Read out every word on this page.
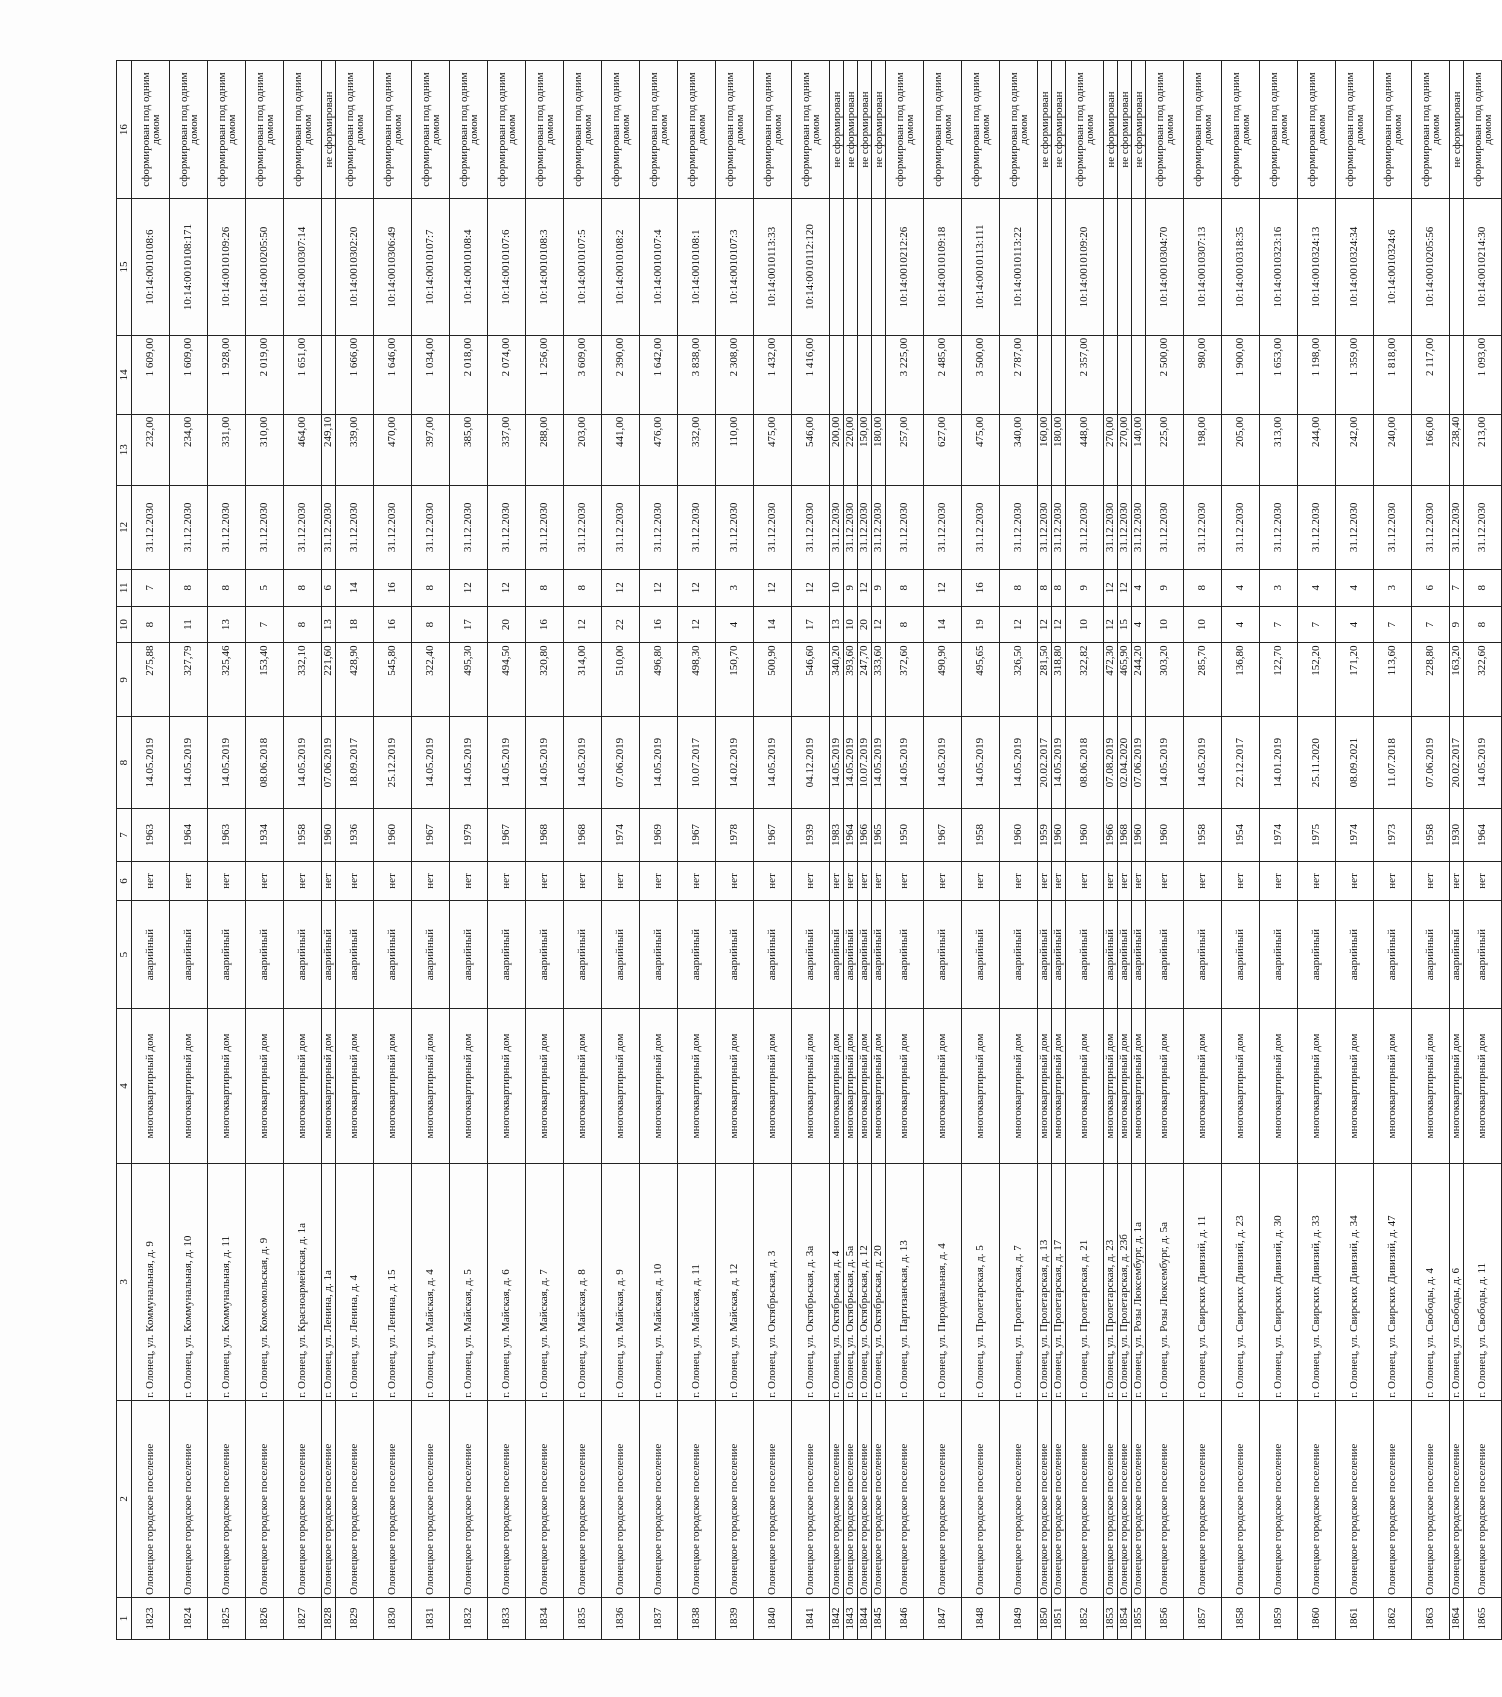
1	2	3	4	5	6	7	8	9	10	11	12	13	14	15	16
1823	Олонецкое городское поселение	г. Олонец, ул. Коммунальная, д. 9	многоквартирный дом	аварийный	нет	1963	14.05.2019	275,88	8	7	31.12.2030	232,00	1 609,00	10:14:0010108:6	сформирован под одним домом

1824	Олонецкое городское поселение	г. Олонец, ул. Коммунальная, д. 10	многоквартирный дом	аварийный	нет	1964	14.05.2019	327,79	11	8	31.12.2030	234,00	1 609,00	10:14:0010108:171	сформирован под одним домом

1825	Олонецкое городское поселение	г. Олонец, ул. Коммунальная, д. 11	многоквартирный дом	аварийный	нет	1963	14.05.2019	325,46	13	8	31.12.2030	331,00	1 928,00	10:14:0010109:26	сформирован под одним домом

1826	Олонецкое городское поселение	г. Олонец, ул. Комсомольская, д. 9	многоквартирный дом	аварийный	нет	1934	08.06.2018	153,40	7	5	31.12.2030	310,00	2 019,00	10:14:0010205:50	сформирован под одним домом

1827	Олонецкое городское поселение	г. Олонец, ул. Красноармейская, д. 1а	многоквартирный дом	аварийный	нет	1958	14.05.2019	332,10	8	8	31.12.2030	464,00	1 651,00	10:14:0010307:14	сформирован под одним домом

1828	Олонецкое городское поселение	г. Олонец, ул. Ленина, д. 1а	многоквартирный дом	аварийный	нет	1960	07.06.2019	221,60	13	6	31.12.2030	249,10			не сформирован

1829	Олонецкое городское поселение	г. Олонец, ул. Ленина, д. 4	многоквартирный дом	аварийный	нет	1936	18.09.2017	428,90	18	14	31.12.2030	339,00	1 666,00	10:14:0010302:20	сформирован под одним домом

1830	Олонецкое городское поселение	г. Олонец, ул. Ленина, д. 15	многоквартирный дом	аварийный	нет	1960	25.12.2019	545,80	16	16	31.12.2030	470,00	1 646,00	10:14:0010306:49	сформирован под одним домом

1831	Олонецкое городское поселение	г. Олонец, ул. Майская, д. 4	многоквартирный дом	аварийный	нет	1967	14.05.2019	322,40	8	8	31.12.2030	397,00	1 034,00	10:14:0010107:7	сформирован под одним домом

1832	Олонецкое городское поселение	г. Олонец, ул. Майская, д. 5	многоквартирный дом	аварийный	нет	1979	14.05.2019	495,30	17	12	31.12.2030	385,00	2 018,00	10:14:0010108:4	сформирован под одним домом

1833	Олонецкое городское поселение	г. Олонец, ул. Майская, д. 6	многоквартирный дом	аварийный	нет	1967	14.05.2019	494,50	20	12	31.12.2030	337,00	2 074,00	10:14:0010107:6	сформирован под одним домом

1834	Олонецкое городское поселение	г. Олонец, ул. Майская, д. 7	многоквартирный дом	аварийный	нет	1968	14.05.2019	320,80	16	8	31.12.2030	288,00	1 256,00	10:14:0010108:3	сформирован под одним домом

1835	Олонецкое городское поселение	г. Олонец, ул. Майская, д. 8	многоквартирный дом	аварийный	нет	1968	14.05.2019	314,00	12	8	31.12.2030	203,00	3 609,00	10:14:0010107:5	сформирован под одним домом

1836	Олонецкое городское поселение	г. Олонец, ул. Майская, д. 9	многоквартирный дом	аварийный	нет	1974	07.06.2019	510,00	22	12	31.12.2030	441,00	2 390,00	10:14:0010108:2	сформирован под одним домом

1837	Олонецкое городское поселение	г. Олонец, ул. Майская, д. 10	многоквартирный дом	аварийный	нет	1969	14.05.2019	496,80	16	12	31.12.2030	476,00	1 642,00	10:14:0010107:4	сформирован под одним домом

1838	Олонецкое городское поселение	г. Олонец, ул. Майская, д. 11	многоквартирный дом	аварийный	нет	1967	10.07.2017	498,30	12	12	31.12.2030	332,00	3 838,00	10:14:0010108:1	сформирован под одним домом

1839	Олонецкое городское поселение	г. Олонец, ул. Майская, д. 12	многоквартирный дом	аварийный	нет	1978	14.02.2019	150,70	4	3	31.12.2030	110,00	2 308,00	10:14:0010107:3	сформирован под одним домом

1840	Олонецкое городское поселение	г. Олонец, ул. Октябрьская, д. 3	многоквартирный дом	аварийный	нет	1967	14.05.2019	500,90	14	12	31.12.2030	475,00	1 432,00	10:14:0010113:33	сформирован под одним домом

1841	Олонецкое городское поселение	г. Олонец, ул. Октябрьская, д. 3а	многоквартирный дом	аварийный	нет	1939	04.12.2019	546,60	17	12	31.12.2030	546,00	1 416,00	10:14:0010112:120	сформирован под одним домом

1842	Олонецкое городское поселение	г. Олонец, ул. Октябрьская, д. 4	многоквартирный дом	аварийный	нет	1983	14.05.2019	340,20	13	10	31.12.2030	200,00			не сформирован

1843	Олонецкое городское поселение	г. Олонец, ул. Октябрьская, д. 5а	многоквартирный дом	аварийный	нет	1964	14.05.2019	393,60	10	9	31.12.2030	220,00			не сформирован

1844	Олонецкое городское поселение	г. Олонец, ул. Октябрьская, д. 12	многоквартирный дом	аварийный	нет	1966	10.07.2019	247,70	20	12	31.12.2030	150,00			не сформирован

1845	Олонецкое городское поселение	г. Олонец, ул. Октябрьская, д. 20	многоквартирный дом	аварийный	нет	1965	14.05.2019	333,60	12	9	31.12.2030	180,00			не сформирован

1846	Олонецкое городское поселение	г. Олонец, ул. Партизанская, д. 13	многоквартирный дом	аварийный	нет	1950	14.05.2019	372,60	8	8	31.12.2030	257,00	3 225,00	10:14:0010212:26	сформирован под одним домом

1847	Олонецкое городское поселение	г. Олонец, ул. Пиродвальная, д. 4	многоквартирный дом	аварийный	нет	1967	14.05.2019	490,90	14	12	31.12.2030	627,00	2 485,00	10:14:0010109:18	сформирован под одним домом

1848	Олонецкое городское поселение	г. Олонец, ул. Пролетарская, д. 5	многоквартирный дом	аварийный	нет	1958	14.05.2019	495,65	19	16	31.12.2030	475,00	3 500,00	10:14:0010113:111	сформирован под одним домом

1849	Олонецкое городское поселение	г. Олонец, ул. Пролетарская, д. 7	многоквартирный дом	аварийный	нет	1960	14.05.2019	326,50	12	8	31.12.2030	340,00	2 787,00	10:14:0010113:22	сформирован под одним домом

1850	Олонецкое городское поселение	г. Олонец, ул. Пролетарская, д. 13	многоквартирный дом	аварийный	нет	1959	20.02.2017	281,50	12	8	31.12.2030	160,00			не сформирован

1851	Олонецкое городское поселение	г. Олонец, ул. Пролетарская, д. 17	многоквартирный дом	аварийный	нет	1960	14.05.2019	318,80	12	8	31.12.2030	180,00			не сформирован

1852	Олонецкое городское поселение	г. Олонец, ул. Пролетарская, д. 21	многоквартирный дом	аварийный	нет	1960	08.06.2018	322,82	10	9	31.12.2030	448,00	2 357,00	10:14:0010109:20	сформирован под одним домом

1853	Олонецкое городское поселение	г. Олонец, ул. Пролетарская, д. 23	многоквартирный дом	аварийный	нет	1966	07.08.2019	472,30	12	12	31.12.2030	270,00			не сформирован

1854	Олонецкое городское поселение	г. Олонец, ул. Пролетарская, д. 23б	многоквартирный дом	аварийный	нет	1968	02.04.2020	465,90	15	12	31.12.2030	270,00			не сформирован

1855	Олонецкое городское поселение	г. Олонец, ул. Розы Люксембург, д. 1а	многоквартирный дом	аварийный	нет	1960	07.06.2019	244,20	4	4	31.12.2030	140,00			не сформирован

1856	Олонецкое городское поселение	г. Олонец, ул. Розы Люксембург, д. 5а	многоквартирный дом	аварийный	нет	1960	14.05.2019	303,20	10	9	31.12.2030	225,00	2 500,00	10:14:0010304:70	сформирован под одним домом

1857	Олонецкое городское поселение	г. Олонец, ул. Свирских Дивизий, д. 11	многоквартирный дом	аварийный	нет	1958	14.05.2019	285,70	10	8	31.12.2030	198,00	980,00	10:14:0010307:13	сформирован под одним домом

1858	Олонецкое городское поселение	г. Олонец, ул. Свирских Дивизий, д. 23	многоквартирный дом	аварийный	нет	1954	22.12.2017	136,80	4	4	31.12.2030	205,00	1 900,00	10:14:0010318:35	сформирован под одним домом

1859	Олонецкое городское поселение	г. Олонец, ул. Свирских Дивизий, д. 30	многоквартирный дом	аварийный	нет	1974	14.01.2019	122,70	7	3	31.12.2030	313,00	1 653,00	10:14:0010323:16	сформирован под одним домом

1860	Олонецкое городское поселение	г. Олонец, ул. Свирских Дивизий, д. 33	многоквартирный дом	аварийный	нет	1975	25.11.2020	152,20	7	4	31.12.2030	244,00	1 198,00	10:14:0010324:13	сформирован под одним домом

1861	Олонецкое городское поселение	г. Олонец, ул. Свирских Дивизий, д. 34	многоквартирный дом	аварийный	нет	1974	08.09.2021	171,20	4	4	31.12.2030	242,00	1 359,00	10:14:0010324:34	сформирован под одним домом

1862	Олонецкое городское поселение	г. Олонец, ул. Свирских Дивизий, д. 47	многоквартирный дом	аварийный	нет	1973	11.07.2018	113,60	7	3	31.12.2030	240,00	1 818,00	10:14:0010324:6	сформирован под одним домом

1863	Олонецкое городское поселение	г. Олонец, ул. Свободы, д. 4	многоквартирный дом	аварийный	нет	1958	07.06.2019	228,80	7	6	31.12.2030	166,00	2 117,00	10:14:0010205:56	сформирован под одним домом

1864	Олонецкое городское поселение	г. Олонец, ул. Свободы, д. 6	многоквартирный дом	аварийный	нет	1930	20.02.2017	163,20	9	7	31.12.2030	238,40			не сформирован

1865	Олонецкое городское поселение	г. Олонец, ул. Свободы, д. 11	многоквартирный дом	аварийный	нет	1964	14.05.2019	322,60	8	8	31.12.2030	213,00	1 093,00	10:14:0010214:30	сформирован под одним домом
